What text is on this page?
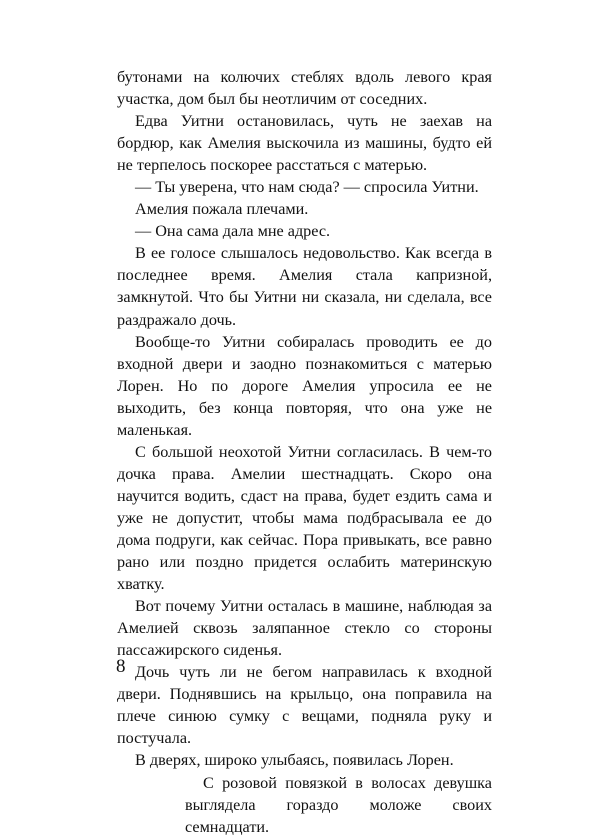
бутонами на колючих стеблях вдоль левого края участка, дом был бы неотличим от соседних.

Едва Уитни остановилась, чуть не заехав на бордюр, как Амелия выскочила из машины, будто ей не терпелось поскорее расстаться с матерью.

— Ты уверена, что нам сюда? — спросила Уитни.

Амелия пожала плечами.

— Она сама дала мне адрес.

В ее голосе слышалось недовольство. Как всегда в последнее время. Амелия стала капризной, замкнутой. Что бы Уитни ни сказала, ни сделала, все раздражало дочь.

Вообще-то Уитни собиралась проводить ее до входной двери и заодно познакомиться с матерью Лорен. Но по дороге Амелия упросила ее не выходить, без конца повторяя, что она уже не маленькая.

С большой неохотой Уитни согласилась. В чем-то дочка права. Амелии шестнадцать. Скоро она научится водить, сдаст на права, будет ездить сама и уже не допустит, чтобы мама подбрасывала ее до дома подруги, как сейчас. Пора привыкать, все равно рано или поздно придется ослабить материнскую хватку.

Вот почему Уитни осталась в машине, наблюдая за Амелией сквозь заляпанное стекло со стороны пассажирского сиденья.

Дочь чуть ли не бегом направилась к входной двери. Поднявшись на крыльцо, она поправила на плече синюю сумку с вещами, подняла руку и постучала.

В дверях, широко улыбаясь, появилась Лорен.

С розовой повязкой в волосах девушка выглядела гораздо моложе своих семнадцати.

8
